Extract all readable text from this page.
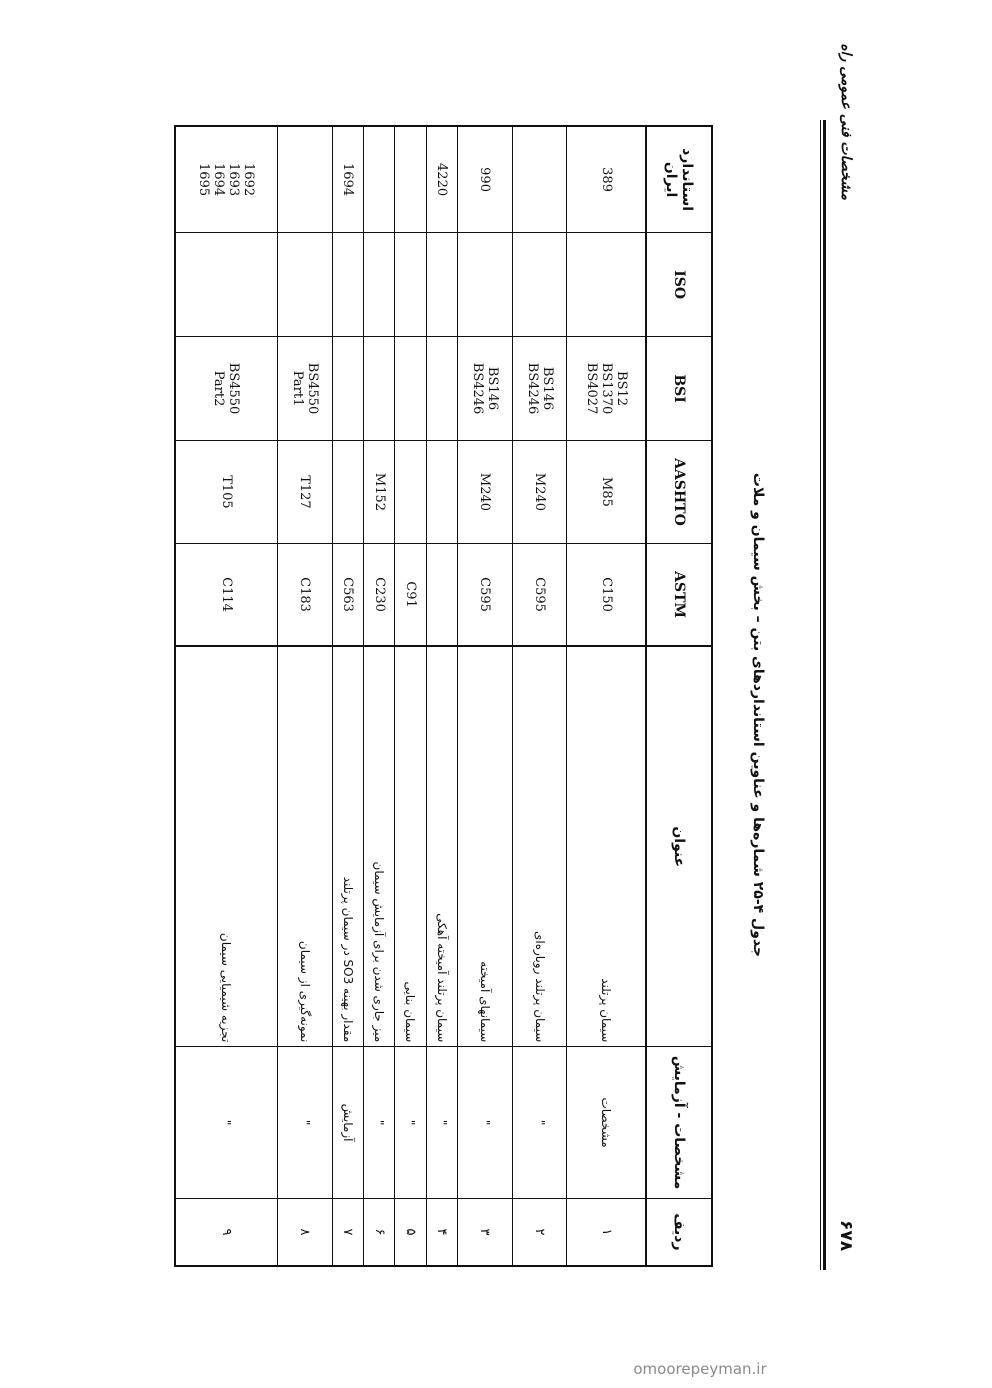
مشخصات فنی عمومی راه
۶۷۸
جدول ۴-۲۵ شماره‌ها و عناوین استانداردهای بتن – بخش سیمان و ملات
ردیف	مشخصات - آزمایش	عنوان	ASTM	AASHTO	BSI	ISO	استاندارد ایران
۱	مشخصات	سیمان پرتلند	C150	M85	BS12
BS1370
BS4027		389
۲	"	سیمان پرتلند روباره‌ای	C595	M240	BS146
BS4246		

۳	"	سیمانهای آمیخته	C595	M240	BS146
BS4246		990
۴	"	سیمان پرتلند آمیخته آهکی					4220
۵	"	سیمان بنایی	C91				
۶	"	میز جاری شدن برای آزمایش سیمان	C230	M152			
۷	آزمایش	مقدار بهینه SO3 در سیمان پرتلند	C563				1694
۸	"	نمونه‌گیری از سیمان	C183	T127	BS4550
Part1		

۹	"	تجزیه شیمیایی سیمان	C114	T105	BS4550
Part2		1692
1693
1694
1695
omoorepeyman.ir
